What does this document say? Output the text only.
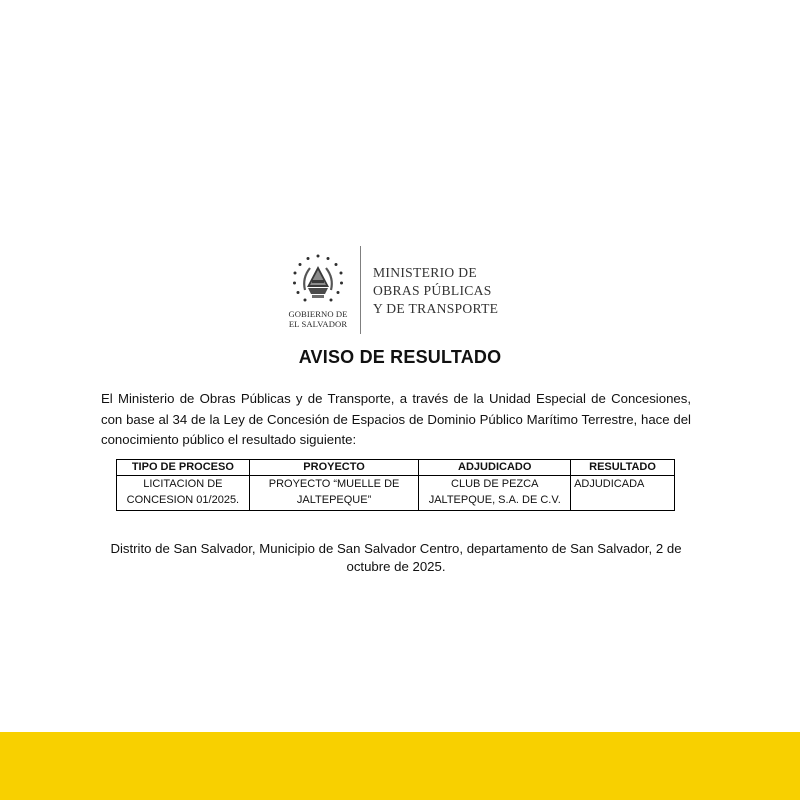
GOBIERNO DE
EL SALVADOR
MINISTERIO DE
OBRAS PÚBLICAS
Y DE TRANSPORTE
AVISO DE RESULTADO

El Ministerio de Obras Públicas y de Transporte, a través de la Unidad Especial de Concesiones, con base al 34 de la Ley de Concesión de Espacios de Dominio Público Marítimo Terrestre, hace del conocimiento público el resultado siguiente:

TIPO DE PROCESO	PROYECTO	ADJUDICADO	RESULTADO
LICITACION DE CONCESION 01/2025.	PROYECTO “MUELLE DE JALTEPEQUE”	CLUB DE PEZCA JALTEPQUE, S.A. DE C.V.	ADJUDICADA
Distrito de San Salvador, Municipio de San Salvador Centro, departamento de San Salvador, 2 de octubre de 2025.
